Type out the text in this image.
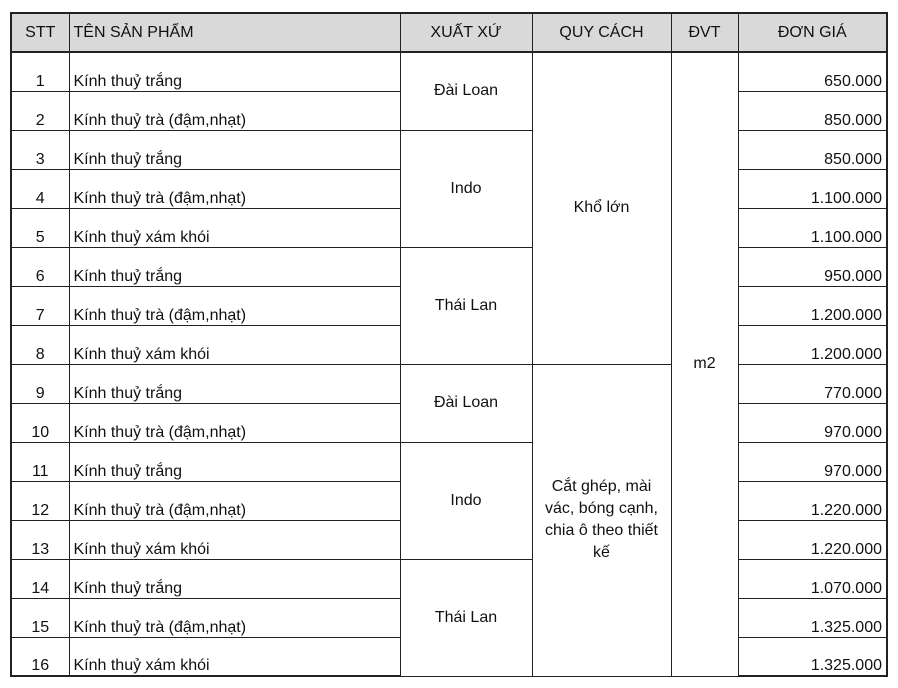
STT	TÊN SẢN PHẨM	XUẤT XỨ	QUY CÁCH	ĐVT	ĐƠN GIÁ
1	Kính thuỷ trắng	Đài Loan	Khổ lớn	m2	650.000
2	Kính thuỷ trà (đậm,nhạt)				850.000
3	Kính thuỷ trắng	Indo			850.000
4	Kính thuỷ trà (đậm,nhạt)				1.100.000
5	Kính thuỷ xám khói				1.100.000
6	Kính thuỷ trắng	Thái Lan			950.000
7	Kính thuỷ trà (đậm,nhạt)				1.200.000
8	Kính thuỷ xám khói				1.200.000
9	Kính thuỷ trắng	Đài Loan	Cắt ghép, mài vác, bóng cạnh, chia ô theo thiết kế		770.000
10	Kính thuỷ trà (đậm,nhạt)				970.000
11	Kính thuỷ trắng	Indo			970.000
12	Kính thuỷ trà (đậm,nhạt)				1.220.000
13	Kính thuỷ xám khói				1.220.000
14	Kính thuỷ trắng	Thái Lan			1.070.000
15	Kính thuỷ trà (đậm,nhạt)				1.325.000
16	Kính thuỷ xám khói				1.325.000
